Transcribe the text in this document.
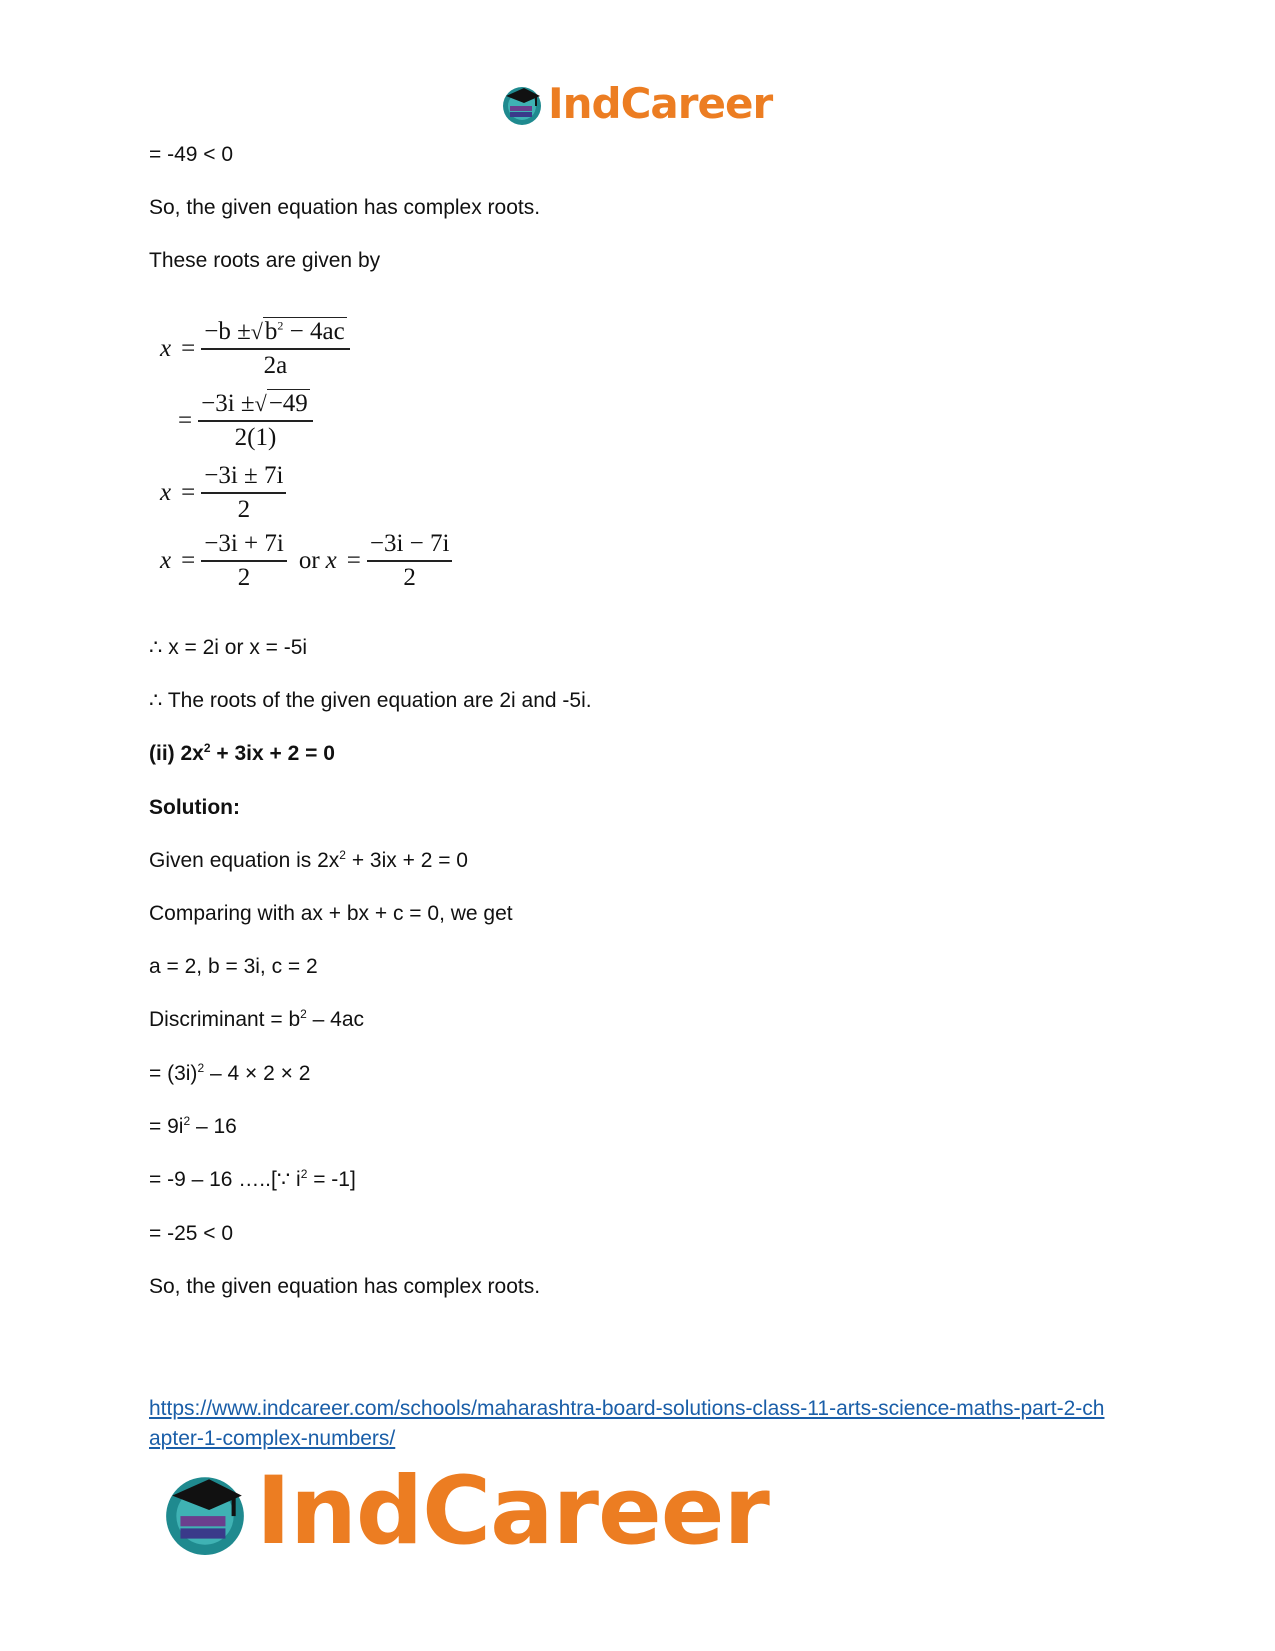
IndCareer
= -49 < 0
So, the given equation has complex roots.
These roots are given by
$x = \frac{-b \pm√b^2 - 4ac}{2a}$
= $\frac{-3i \pm√-49}{2(1)}$
$x = \frac{-3i \pm 7i}{2}$
$x = \frac{-3i + 7i}{2}$ or $x = \frac{-3i - 7i}{2}$
∴ x = 2i or x = -5i
∴ The roots of the given equation are 2i and -5i.
(ii) $2x^2 + 3ix + 2 = 0$
Solution:
Given equation is $2x^2 + 3ix + 2 = 0$
Comparing with ax + bx + c = 0, we get
a = 2, b = 3i, c = 2
Discriminant = $b^2 - 4ac$
= $(3i)^2 - 4 \times 2 \times 2$
= $9i^2 - 16$
= -9 – 16 …..[∵ $i^2 = -1$]
= -25 < 0
So, the given equation has complex roots.
https://www.indcareer.com/schools/maharashtra-board-solutions-class-11-arts-science-maths-part-2-chapter-1-complex-numbers/
IndCareer
